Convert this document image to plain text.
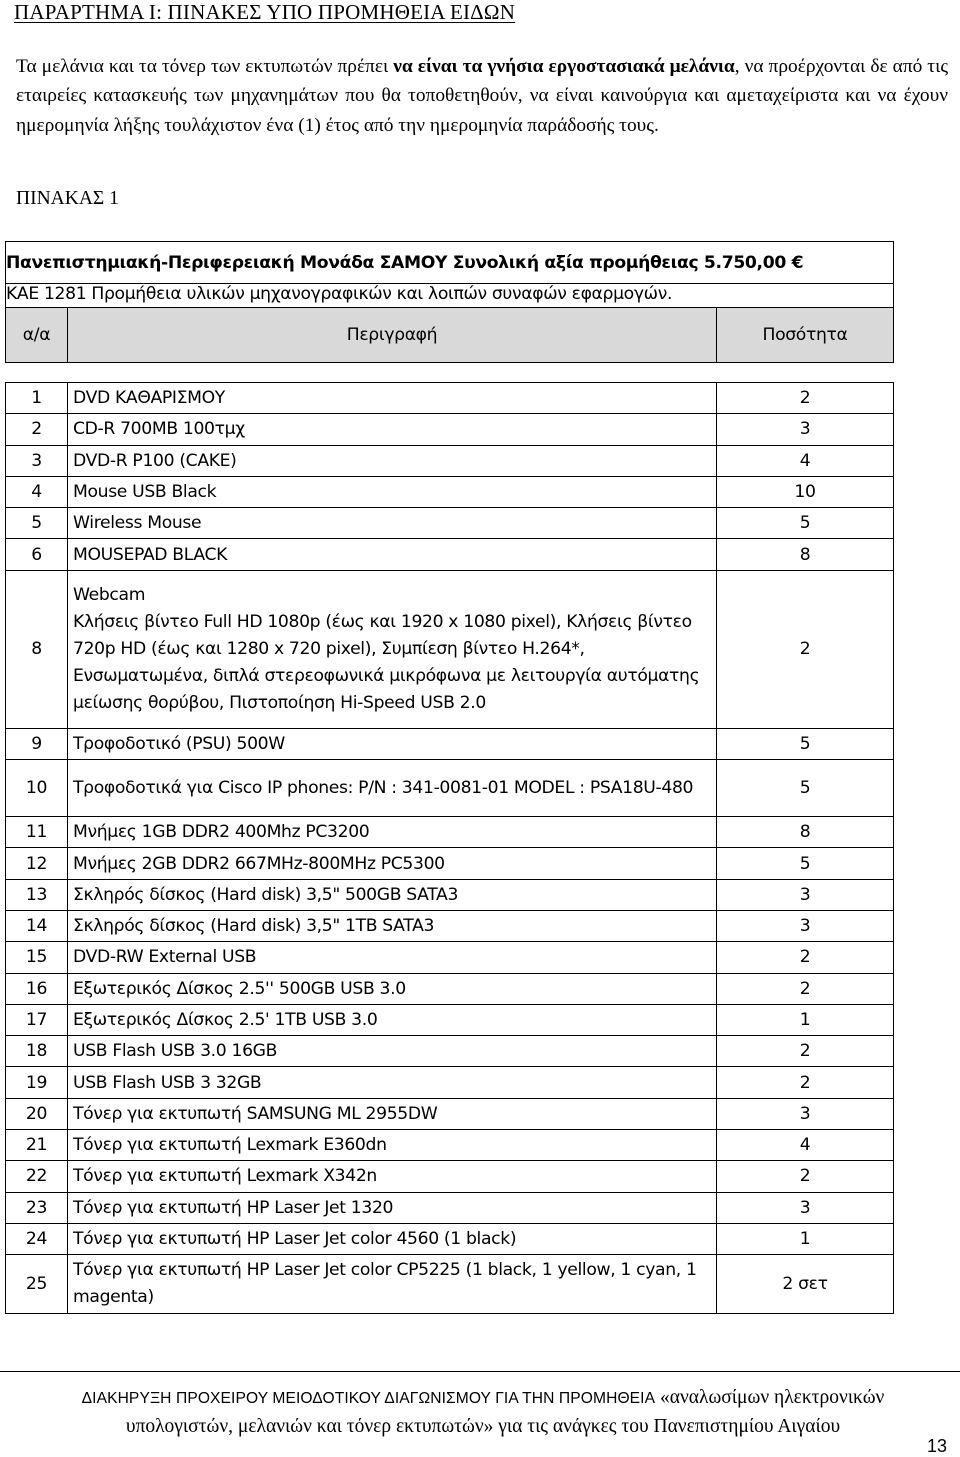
ΠΑΡΑΡΤΗΜΑ Ι: ΠΙΝΑΚΕΣ ΥΠΟ ΠΡΟΜΗΘΕΙΑ ΕΙΔΩΝ
Τα μελάνια και τα τόνερ των εκτυπωτών πρέπει να είναι τα γνήσια εργοστασιακά μελάνια, να προέρχονται δε από τις εταιρείες κατασκευής των μηχανημάτων που θα τοποθετηθούν, να είναι καινούργια και αμεταχείριστα και να έχουν ημερομηνία λήξης τουλάχιστον ένα (1) έτος από την ημερομηνία παράδοσής τους.
ΠΙΝΑΚΑΣ 1
Πανεπιστημιακή-Περιφερειακή Μονάδα ΣΑΜΟΥ Συνολική αξία προμήθειας 5.750,00 €		
ΚΑΕ 1281 Προμήθεια υλικών μηχανογραφικών και λοιπών συναφών εφαρμογών.		
α/α	Περιγραφή	Ποσότητα

1	DVD ΚΑΘΑΡΙΣΜΟΥ	2
2	CD-R 700MB 100τμχ	3
3	DVD-R P100 (CAKE)	4
4	Mouse USB Black	10
5	Wireless Mouse	5
6	MOUSEPAD BLACK	8
8	Webcam
Κλήσεις βίντεο Full HD 1080p (έως και 1920 x 1080 pixel), Κλήσεις βίντεο 720p HD (έως και 1280 x 720 pixel), Συμπίεση βίντεο H.264*, Ενσωματωμένα, διπλά στερεοφωνικά μικρόφωνα με λειτουργία αυτόματης μείωσης θορύβου, Πιστοποίηση Hi-Speed USB 2.0	2
9	Τροφοδοτικό (PSU) 500W	5
10	Τροφοδοτικά για Cisco IP phones: P/N : 341-0081-01 MODEL : PSA18U-480	5
11	Μνήμες 1GB DDR2 400Mhz PC3200	8
12	Μνήμες 2GB DDR2 667MHz-800MHz PC5300	5
13	Σκληρός δίσκος (Hard disk) 3,5" 500GB SATA3	3
14	Σκληρός δίσκος (Hard disk) 3,5" 1TB SATA3	3
15	DVD-RW External USB	2
16	Εξωτερικός Δίσκος 2.5'' 500GB USB 3.0	2
17	Εξωτερικός Δίσκος 2.5' 1TB USB 3.0	1
18	USB Flash USB 3.0 16GB	2
19	USB Flash USB 3 32GB	2
20	Τόνερ για εκτυπωτή SAMSUNG ML 2955DW	3
21	Τόνερ για εκτυπωτή Lexmark E360dn	4
22	Τόνερ για εκτυπωτή Lexmark X342n	2
23	Τόνερ για εκτυπωτή HP Laser Jet 1320	3
24	Τόνερ για εκτυπωτή HP Laser Jet color 4560 (1 black)	1
25	Τόνερ για εκτυπωτή HP Laser Jet color CP5225 (1 black, 1 yellow, 1 cyan, 1 magenta)	2 σετ
ΔΙΑΚΗΡΥΞΗ ΠΡΟΧΕΙΡΟΥ ΜΕΙΟΔΟΤΙΚΟΥ ΔΙΑΓΩΝΙΣΜΟΥ ΓΙΑ ΤΗΝ ΠΡΟΜΗΘΕΙΑ «αναλωσίμων ηλεκτρονικών υπολογιστών, μελανιών και τόνερ εκτυπωτών» για τις ανάγκες του Πανεπιστημίου Αιγαίου
13
